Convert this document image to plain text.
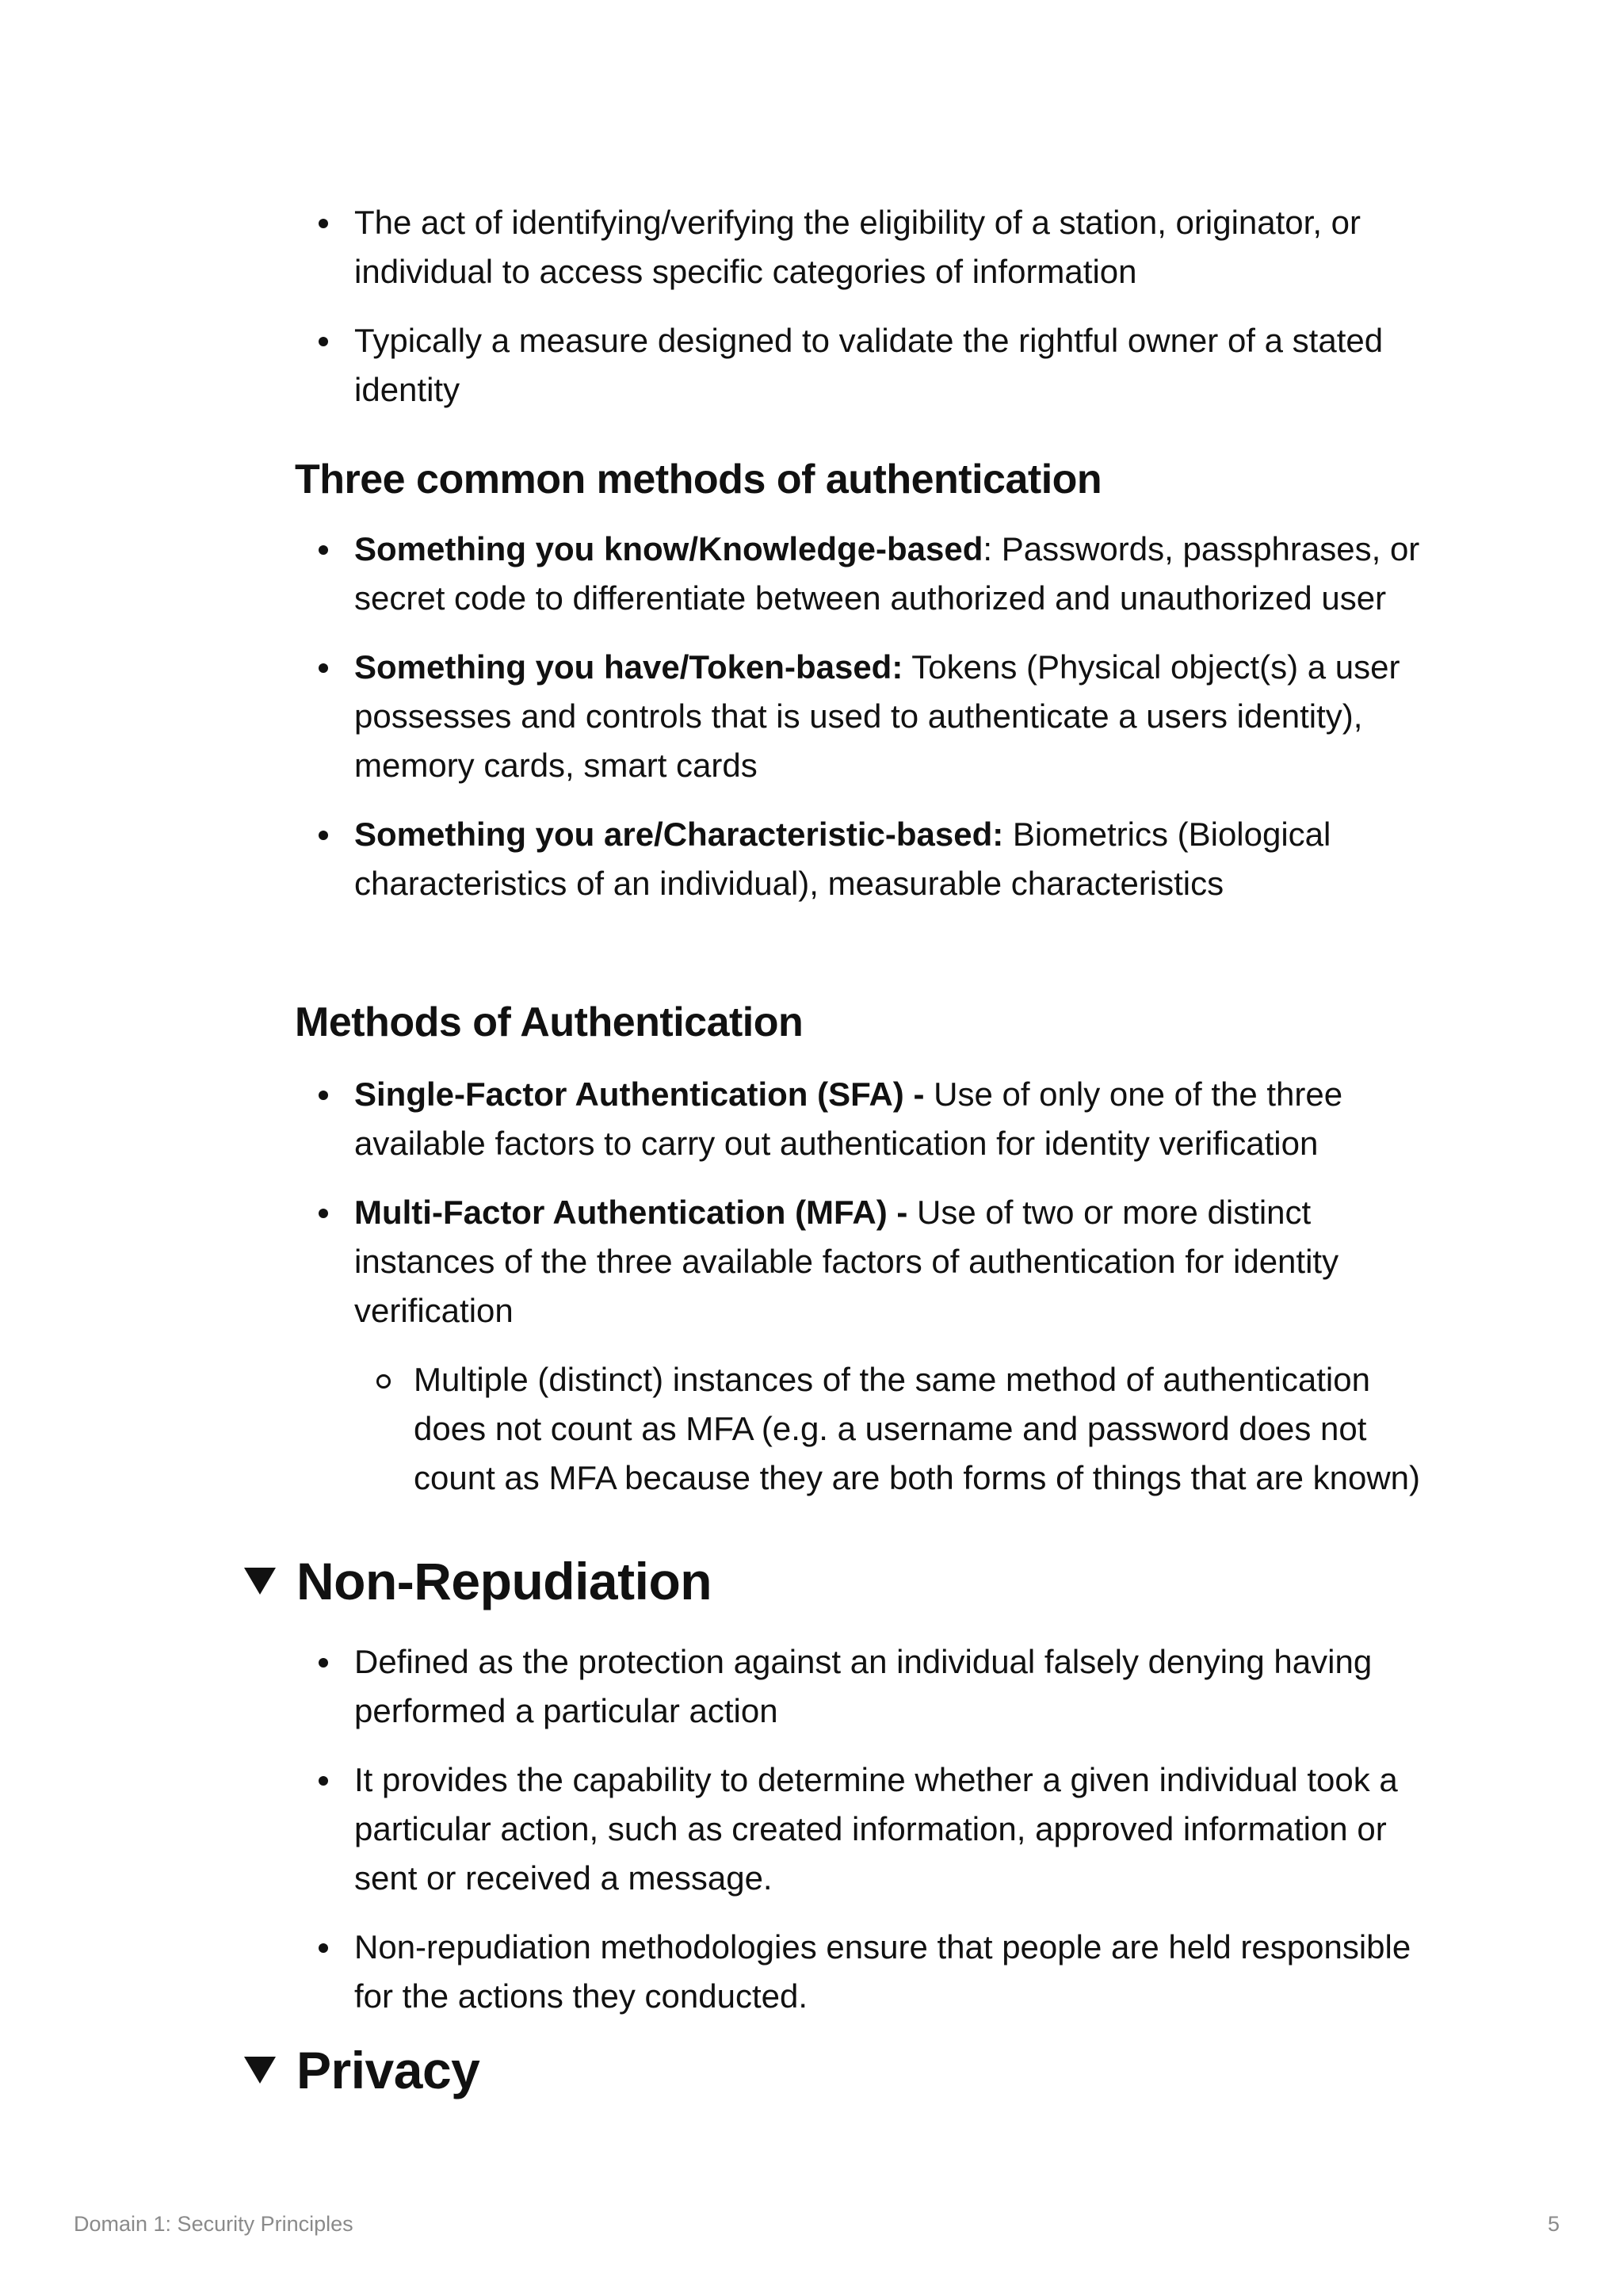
The act of identifying/verifying the eligibility of a station, originator, or individual to access specific categories of information
Typically a measure designed to validate the rightful owner of a stated identity
Three common methods of authentication
Something you know/Knowledge-based: Passwords, passphrases, or secret code to differentiate between authorized and unauthorized user
Something you have/Token-based: Tokens (Physical object(s) a user possesses and controls that is used to authenticate a users identity), memory cards, smart cards
Something you are/Characteristic-based: Biometrics (Biological characteristics of an individual), measurable characteristics
Methods of Authentication
Single-Factor Authentication (SFA) - Use of only one of the three available factors to carry out authentication for identity verification
Multi-Factor Authentication (MFA) - Use of two or more distinct instances of the three available factors of authentication for identity verification
Multiple (distinct) instances of the same method of authentication does not count as MFA (e.g. a username and password does not count as MFA because they are both forms of things that are known)
Non-Repudiation
Defined as the protection against an individual falsely denying having performed a particular action
It provides the capability to determine whether a given individual took a particular action, such as created information, approved information or sent or received a message.
Non-repudiation methodologies ensure that people are held responsible for the actions they conducted.
Privacy
Domain 1: Security Principles	5
